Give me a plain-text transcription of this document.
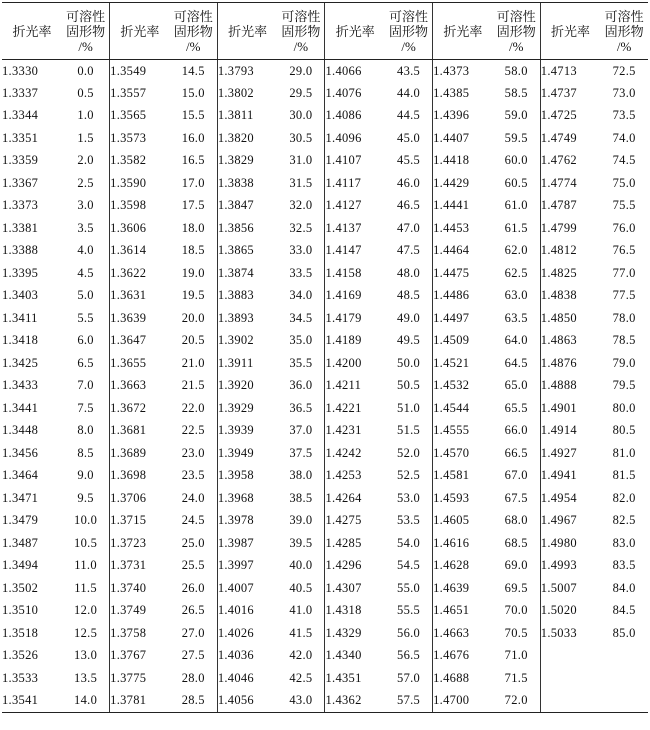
折光率	可溶性
固形物
/%	折光率	可溶性
固形物
/%	折光率	可溶性
固形物
/%	折光率	可溶性
固形物
/%	折光率	可溶性
固形物
/%	折光率	可溶性
固形物
/%

1.3330	0.0	1.3549	14.5	1.3793	29.0	1.4066	43.5	1.4373	58.0	1.4713	72.5
1.3337	0.5	1.3557	15.0	1.3802	29.5	1.4076	44.0	1.4385	58.5	1.4737	73.0
1.3344	1.0	1.3565	15.5	1.3811	30.0	1.4086	44.5	1.4396	59.0	1.4725	73.5
1.3351	1.5	1.3573	16.0	1.3820	30.5	1.4096	45.0	1.4407	59.5	1.4749	74.0
1.3359	2.0	1.3582	16.5	1.3829	31.0	1.4107	45.5	1.4418	60.0	1.4762	74.5
1.3367	2.5	1.3590	17.0	1.3838	31.5	1.4117	46.0	1.4429	60.5	1.4774	75.0
1.3373	3.0	1.3598	17.5	1.3847	32.0	1.4127	46.5	1.4441	61.0	1.4787	75.5
1.3381	3.5	1.3606	18.0	1.3856	32.5	1.4137	47.0	1.4453	61.5	1.4799	76.0
1.3388	4.0	1.3614	18.5	1.3865	33.0	1.4147	47.5	1.4464	62.0	1.4812	76.5
1.3395	4.5	1.3622	19.0	1.3874	33.5	1.4158	48.0	1.4475	62.5	1.4825	77.0
1.3403	5.0	1.3631	19.5	1.3883	34.0	1.4169	48.5	1.4486	63.0	1.4838	77.5
1.3411	5.5	1.3639	20.0	1.3893	34.5	1.4179	49.0	1.4497	63.5	1.4850	78.0
1.3418	6.0	1.3647	20.5	1.3902	35.0	1.4189	49.5	1.4509	64.0	1.4863	78.5
1.3425	6.5	1.3655	21.0	1.3911	35.5	1.4200	50.0	1.4521	64.5	1.4876	79.0
1.3433	7.0	1.3663	21.5	1.3920	36.0	1.4211	50.5	1.4532	65.0	1.4888	79.5
1.3441	7.5	1.3672	22.0	1.3929	36.5	1.4221	51.0	1.4544	65.5	1.4901	80.0
1.3448	8.0	1.3681	22.5	1.3939	37.0	1.4231	51.5	1.4555	66.0	1.4914	80.5
1.3456	8.5	1.3689	23.0	1.3949	37.5	1.4242	52.0	1.4570	66.5	1.4927	81.0
1.3464	9.0	1.3698	23.5	1.3958	38.0	1.4253	52.5	1.4581	67.0	1.4941	81.5
1.3471	9.5	1.3706	24.0	1.3968	38.5	1.4264	53.0	1.4593	67.5	1.4954	82.0
1.3479	10.0	1.3715	24.5	1.3978	39.0	1.4275	53.5	1.4605	68.0	1.4967	82.5
1.3487	10.5	1.3723	25.0	1.3987	39.5	1.4285	54.0	1.4616	68.5	1.4980	83.0
1.3494	11.0	1.3731	25.5	1.3997	40.0	1.4296	54.5	1.4628	69.0	1.4993	83.5
1.3502	11.5	1.3740	26.0	1.4007	40.5	1.4307	55.0	1.4639	69.5	1.5007	84.0
1.3510	12.0	1.3749	26.5	1.4016	41.0	1.4318	55.5	1.4651	70.0	1.5020	84.5
1.3518	12.5	1.3758	27.0	1.4026	41.5	1.4329	56.0	1.4663	70.5	1.5033	85.0
1.3526	13.0	1.3767	27.5	1.4036	42.0	1.4340	56.5	1.4676	71.0		
1.3533	13.5	1.3775	28.0	1.4046	42.5	1.4351	57.0	1.4688	71.5		
1.3541	14.0	1.3781	28.5	1.4056	43.0	1.4362	57.5	1.4700	72.0		
